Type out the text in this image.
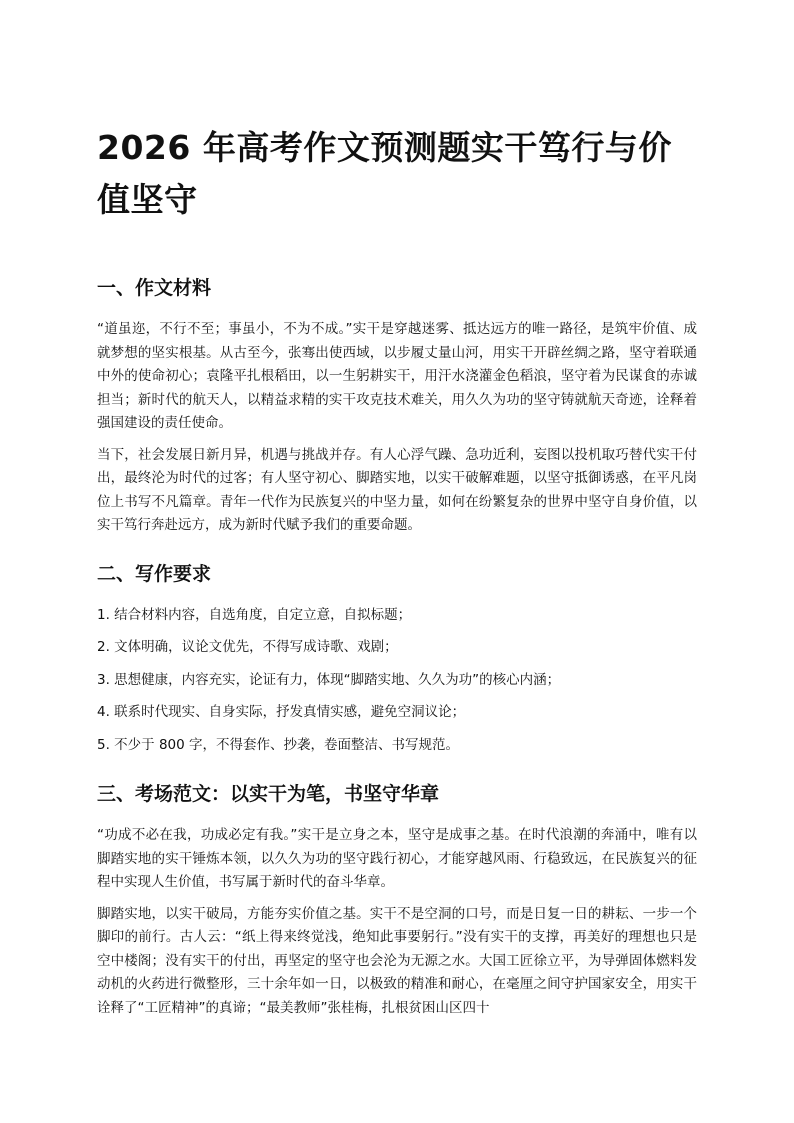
2026 年高考作文预测题实干笃行与价值坚守
一、作文材料

“道虽迩，不行不至；事虽小，不为不成。”实干是穿越迷雾、抵达远方的唯一路径，是筑牢价值、成就梦想的坚实根基。从古至今，张骞出使西域，以步履丈量山河，用实干开辟丝绸之路，坚守着联通中外的使命初心；袁隆平扎根稻田，以一生躬耕实干，用汗水浇灌金色稻浪，坚守着为民谋食的赤诚担当；新时代的航天人，以精益求精的实干攻克技术难关，用久久为功的坚守铸就航天奇迹，诠释着强国建设的责任使命。

当下，社会发展日新月异，机遇与挑战并存。有人心浮气躁、急功近利，妄图以投机取巧替代实干付出，最终沦为时代的过客；有人坚守初心、脚踏实地，以实干破解难题，以坚守抵御诱惑，在平凡岗位上书写不凡篇章。青年一代作为民族复兴的中坚力量，如何在纷繁复杂的世界中坚守自身价值，以实干笃行奔赴远方，成为新时代赋予我们的重要命题。

二、写作要求
1. 结合材料内容，自选角度，自定立意，自拟标题；
2. 文体明确，议论文优先，不得写成诗歌、戏剧；
3. 思想健康，内容充实，论证有力，体现“脚踏实地、久久为功”的核心内涵；
4. 联系时代现实、自身实际，抒发真情实感，避免空洞议论；
5. 不少于 800 字，不得套作、抄袭，卷面整洁、书写规范。
三、考场范文：以实干为笔，书坚守华章

“功成不必在我，功成必定有我。”实干是立身之本，坚守是成事之基。在时代浪潮的奔涌中，唯有以脚踏实地的实干锤炼本领，以久久为功的坚守践行初心，才能穿越风雨、行稳致远，在民族复兴的征程中实现人生价值，书写属于新时代的奋斗华章。

脚踏实地，以实干破局，方能夯实价值之基。实干不是空洞的口号，而是日复一日的耕耘、一步一个脚印的前行。古人云：“纸上得来终觉浅，绝知此事要躬行。”没有实干的支撑，再美好的理想也只是空中楼阁；没有实干的付出，再坚定的坚守也会沦为无源之水。大国工匠徐立平，为导弹固体燃料发动机的火药进行微整形，三十余年如一日，以极致的精准和耐心，在毫厘之间守护国家安全，用实干诠释了“工匠精神”的真谛；“最美教师”张桂梅，扎根贫困山区四十
